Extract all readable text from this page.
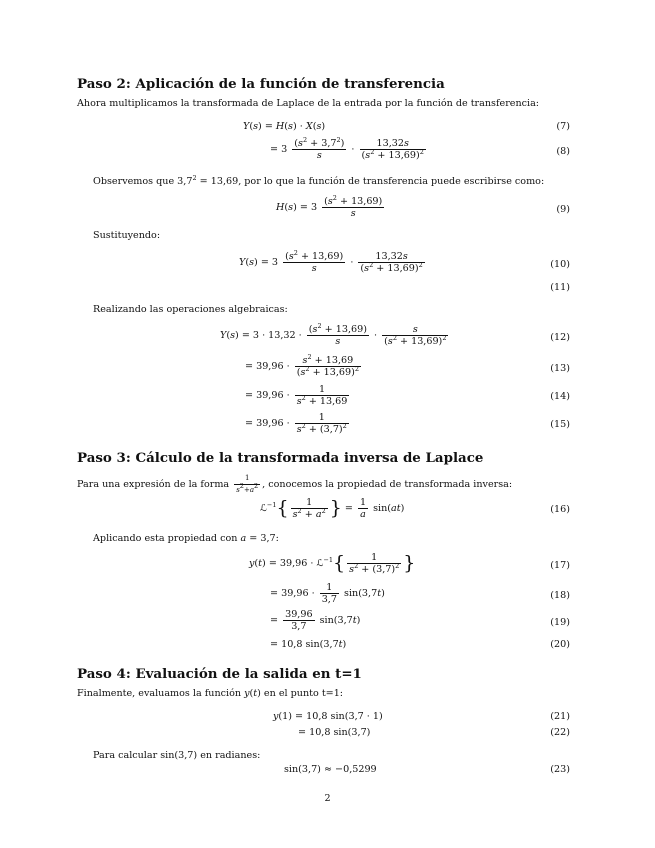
Paso 2: Aplicación de la función de transferencia
Ahora multiplicamos la transformada de Laplace de la entrada por la función de transferencia:
Y(s) = H(s) · X(s)	(7)
= $3 \frac{(s^2 + 3,7^2)}{s} \cdot \frac{13,32s}{(s^2 + 13,69)^2}$	(8)
Observemos que $3,7^2 = 13,69$, por lo que la función de transferencia puede escribirse como:
$H(s) = 3 \frac{(s^2 + 13,69)}{s}$	(9)
Sustituyendo:
$Y(s) = 3 \frac{(s^2 + 13,69)}{s} \cdot \frac{13,32s}{(s^2 + 13,69)^2}$	(10)
(11)
Realizando las operaciones algebraicas:
$Y(s) = 3 \cdot 13,32 \cdot \frac{(s^2 + 13,69)}{s} \cdot \frac{s}{(s^2 + 13,69)^2}$	(12)
= $39,96 \cdot \frac{s^2 + 13,69}{(s^2 + 13,69)^2}$	(13)
= $39,96 \cdot \frac{1}{s^2 + 13,69}$	(14)
= $39,96 \cdot \frac{1}{s^2 + (3,7)^2}$	(15)
Paso 3: Cálculo de la transformada inversa de Laplace
Para una expresión de la forma $\frac{1}{s^2+a^2}$ , conocemos la propiedad de transformada inversa:
ℒ$^{-1}${ $\frac{1}{s^2 + a^2}$ } = $\frac{1}{a} \sin(at)$	(16)
Aplicando esta propiedad con a = 3,7:
y(t) = 39,96 · ℒ$^{-1}${ $\frac{1}{s^2 + (3,7)^2}$ }	(17)
= $39,96 \cdot \frac{1}{3,7} \sin(3,7t)$	(18)
= $\frac{39,96}{3,7} \sin(3,7t)$	(19)
= 10,8 sin(3,7t)	(20)
Paso 4: Evaluación de la salida en t=1
Finalmente, evaluamos la función y(t) en el punto t=1:
y(1) = 10,8 sin(3,7 · 1)	(21)
= 10,8 sin(3,7)	(22)
Para calcular sin(3,7) en radianes:
sin(3,7) ≈ −0,5299	(23)
2
